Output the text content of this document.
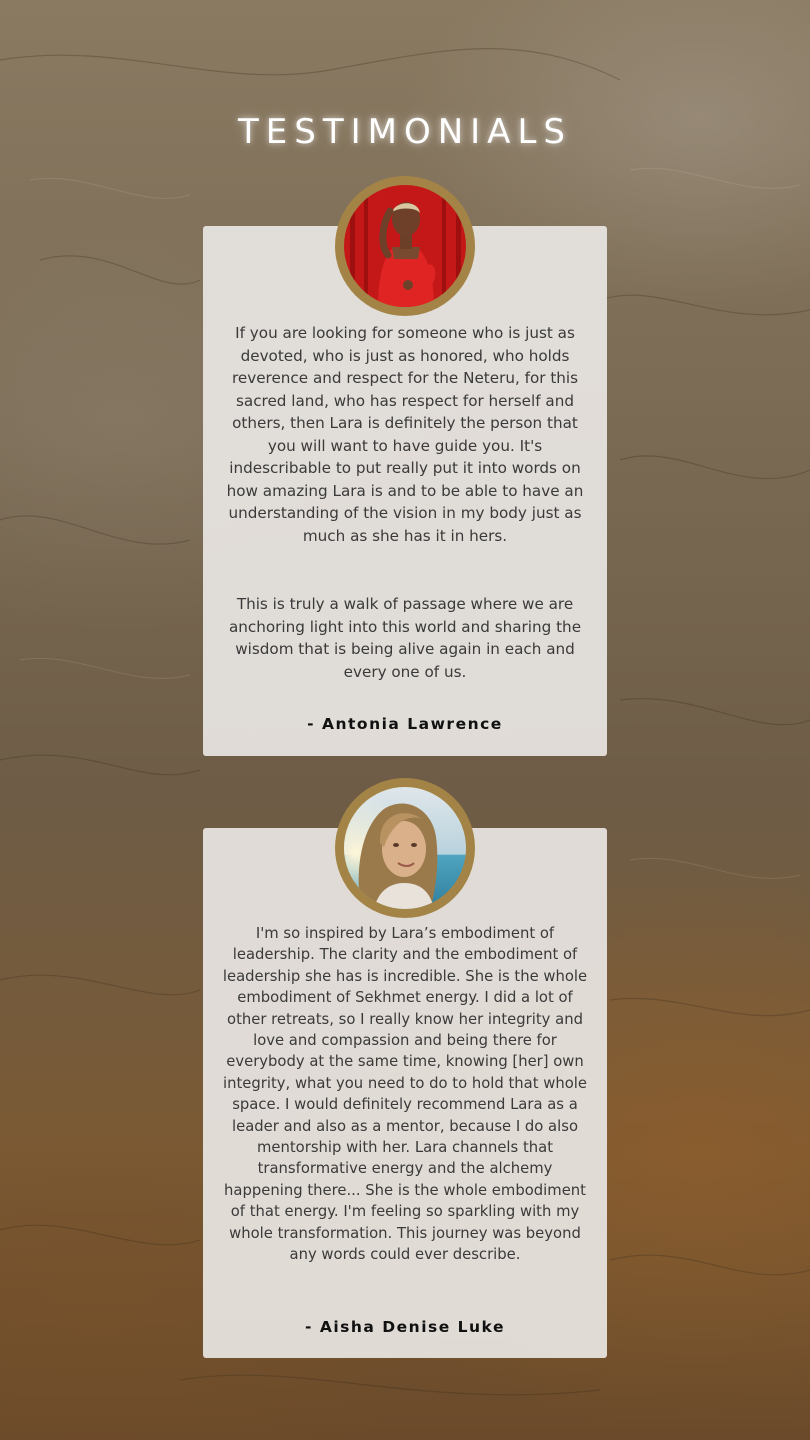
TESTIMONIALS

If you are looking for someone who is just as devoted, who is just as honored, who holds reverence and respect for the Neteru, for this sacred land, who has respect for herself and others, then Lara is definitely the person that you will want to have guide you. It's indescribable to put really put it into words on how amazing Lara is and to be able to have an understanding of the vision in my body just as much as she has it in hers.

This is truly a walk of passage where we are anchoring light into this world and sharing the wisdom that is being alive again in each and every one of us.

- Antonia Lawrence

I'm so inspired by Lara’s embodiment of leadership. The clarity and the embodiment of leadership she has is incredible. She is the whole embodiment of Sekhmet energy. I did a lot of other retreats, so I really know her integrity and love and compassion and being there for everybody at the same time, knowing [her] own integrity, what you need to do to hold that whole space. I would definitely recommend Lara as a leader and also as a mentor, because I do also mentorship with her. Lara channels that transformative energy and the alchemy happening there... She is the whole embodiment of that energy. I'm feeling so sparkling with my whole transformation. This journey was beyond any words could ever describe.

- Aisha Denise Luke
